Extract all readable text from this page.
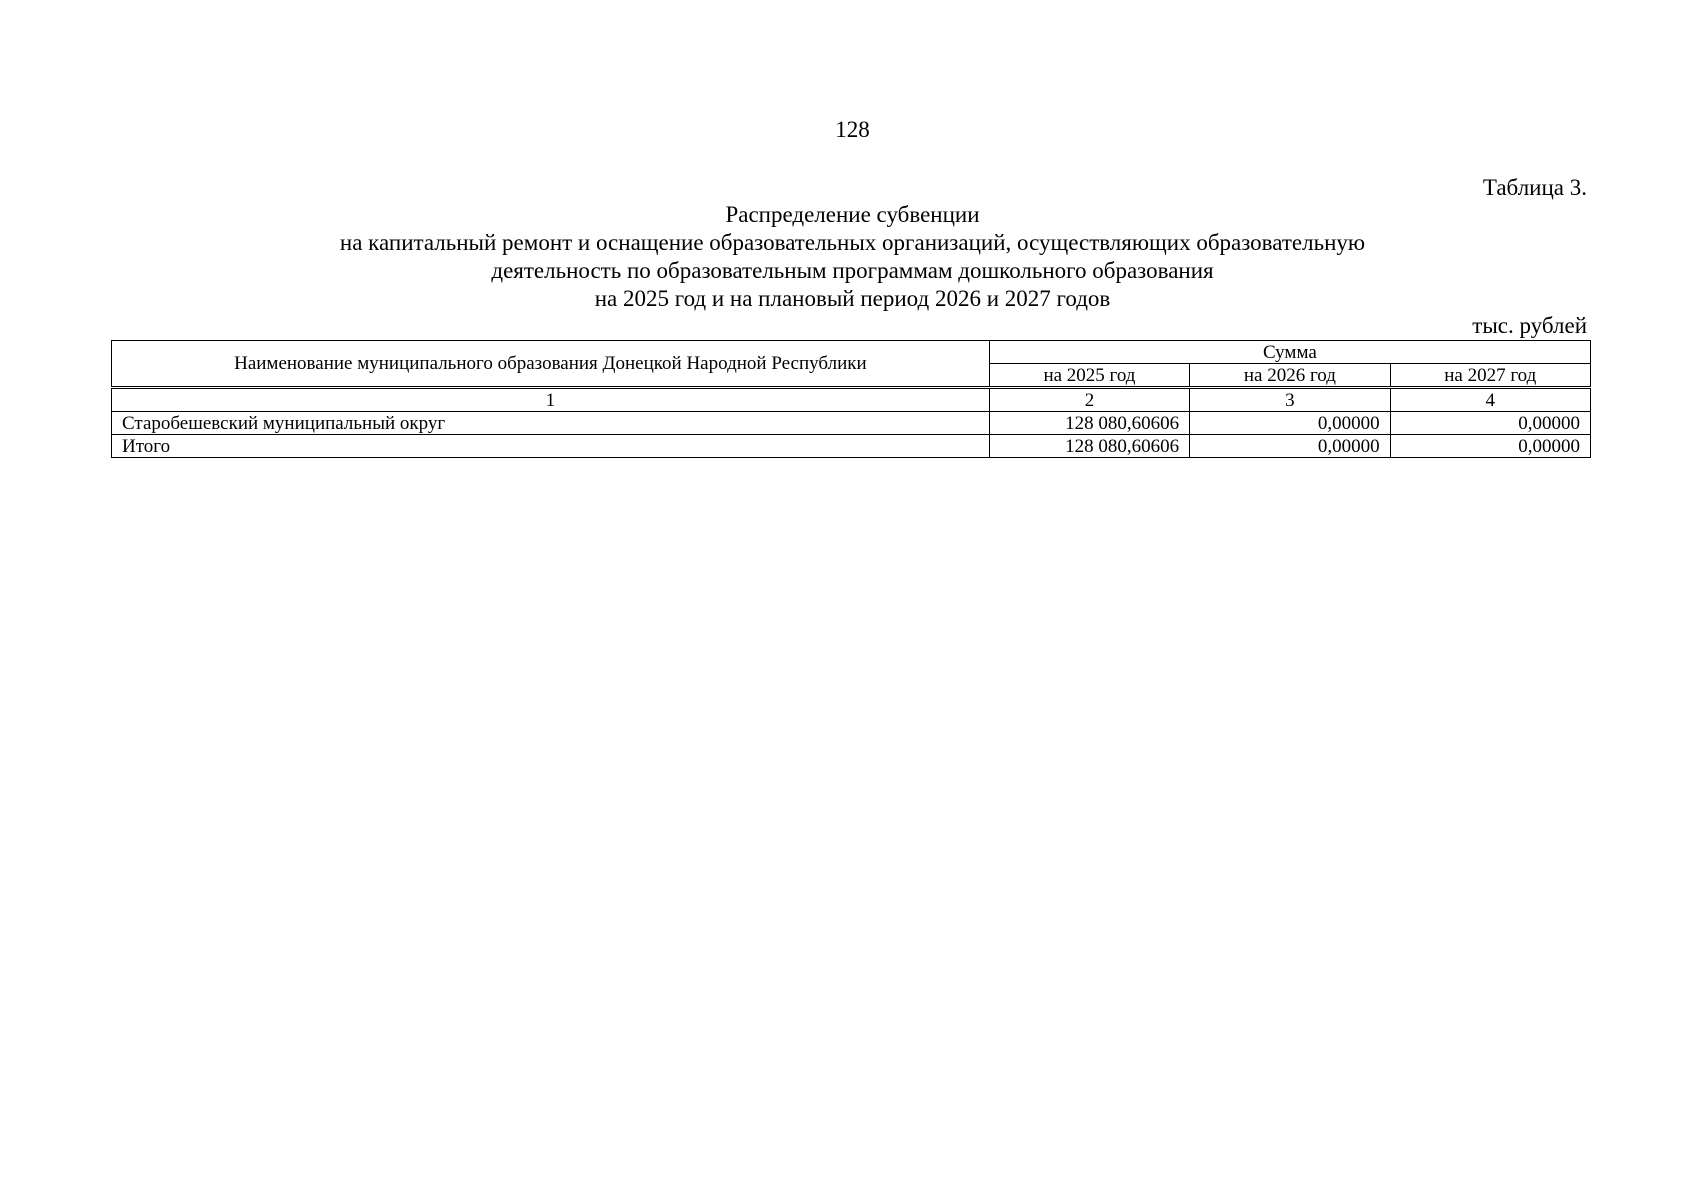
128
Таблица 3.
Распределение субвенции
на капитальный ремонт и оснащение образовательных организаций, осуществляющих образовательную
деятельность по образовательным программам дошкольного образования
на 2025 год и на плановый период 2026 и 2027 годов
тыс. рублей
Наименование муниципального образования Донецкой Народной Республики	Сумма		
	на 2025 год	на 2026 год	на 2027 год
1	2	3	4
Старобешевский муниципальный округ	128 080,60606	0,00000	0,00000
Итого	128 080,60606	0,00000	0,00000
